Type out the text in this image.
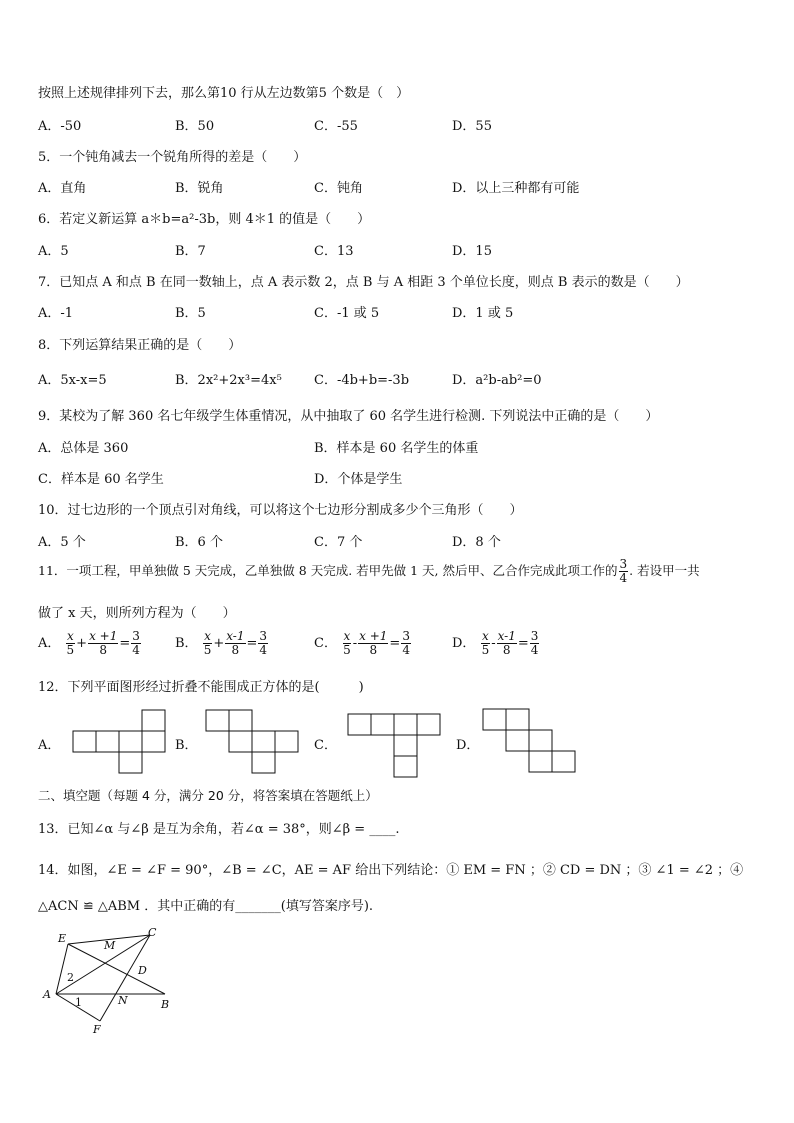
按照上述规律排列下去，那么第10 行从左边数第5 个数是（　）
A．-50	B．50	C．-55	D．55
5．一个钝角减去一个锐角所得的差是（　　）
A．直角	B．锐角	C．钝角	D．以上三种都有可能
6．若定义新运算 a＊b=a²-3b，则 4＊1 的值是（　　）
A．5	B．7	C．13	D．15
7．已知点 A 和点 B 在同一数轴上，点 A 表示数 2，点 B 与 A 相距 3 个单位长度，则点 B 表示的数是（　　）
A．-1	B．5	C．-1 或 5	D．1 或 5
8．下列运算结果正确的是（　　）
A．5x-x=5	B．2x²+2x³=4x⁵ C．-4b+b=-3b	D．a²b-ab²=0
9．某校为了解 360 名七年级学生体重情况，从中抽取了 60 名学生进行检测. 下列说法中正确的是（　　）
A．总体是 360	B．样本是 60 名学生的体重
C．样本是 60 名学生	D．个体是学生
10．过七边形的一个顶点引对角线，可以将这个七边形分割成多少个三角形（　　）
A．5 个	B．6 个	C．7 个	D．8 个
11．一项工程，甲单独做 5 天完成，乙单独做 8 天完成. 若甲先做 1 天, 然后甲、乙合作完成此项工作的 $\frac{3}{4}$ . 若设甲一共
做了 x 天，则所列方程为（　　）
A． $\frac{x}{5} + \frac{x +1}{8} = \frac{3}{4}$	B． $\frac{x}{5} + \frac{x-1}{8} = \frac{3}{4}$	C． $\frac{x}{5} - \frac{x +1}{8} = \frac{3}{4}$	D． $\frac{x}{5} - \frac{x-1}{8} = \frac{3}{4}$
12．下列平面图形经过折叠不能围成正方体的是(　　　)
A．	B．	C．	D．
二、填空题（每题 4 分，满分 20 分，将答案填在答题纸上）
13．已知∠α 与∠β 是互为余角，若∠α = 38°，则∠β = ____.
14．如图，∠E = ∠F = 90°，∠B = ∠C，AE = AF 给出下列结论：① EM = FN ；② CD = DN ；③ ∠1 = ∠2 ；④
△ACN ≌ △ABM ．其中正确的有_______(填写答案序号).
E
M
C
D
A	N	B
F
2
1
